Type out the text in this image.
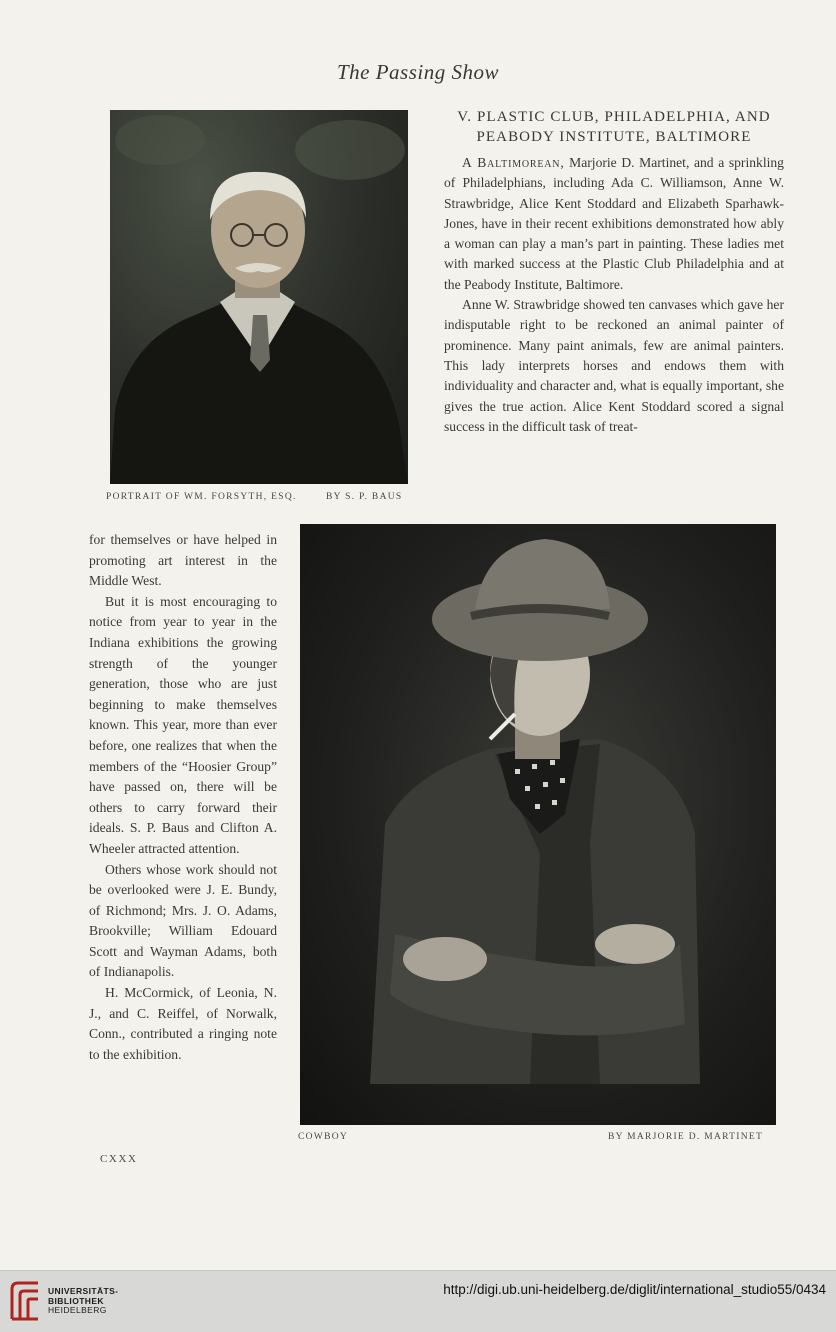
The Passing Show
PORTRAIT OF WM. FORSYTH, ESQ.	BY S. P. BAUS
V. PLASTIC CLUB, PHILADELPHIA, AND
PEABODY INSTITUTE, BALTIMORE

A Baltimorean, Marjorie D. Martinet, and a sprinkling of Philadelphians, including Ada C. Williamson, Anne W. Strawbridge, Alice Kent Stoddard and Elizabeth Sparhawk-Jones, have in their recent exhibitions demonstrated how ably a woman can play a man’s part in painting. These ladies met with marked success at the Plastic Club Philadelphia and at the Peabody Institute, Baltimore.

Anne W. Strawbridge showed ten canvases which gave her indisputable right to be reckoned an animal painter of prominence. Many paint animals, few are animal painters. This lady interprets horses and endows them with individuality and character and, what is equally important, she gives the true action. Alice Kent Stoddard scored a signal success in the difficult task of treat-

for themselves or have helped in promoting art interest in the Middle West.

But it is most encouraging to notice from year to year in the Indiana exhibitions the growing strength of the younger generation, those who are just beginning to make themselves known. This year, more than ever before, one realizes that when the members of the “Hoosier Group” have passed on, there will be others to carry forward their ideals. S. P. Baus and Clifton A. Wheeler attracted attention.

Others whose work should not be overlooked were J. E. Bundy, of Richmond; Mrs. J. O. Adams, Brookville; William Edouard Scott and Wayman Adams, both of Indianapolis.

H. McCormick, of Leonia, N. J., and C. Reiffel, of Norwalk, Conn., contributed a ringing note to the exhibition.

COWBOY	BY MARJORIE D. MARTINET
CXXX
UNIVERSITÄTS-
BIBLIOTHEK
HEIDELBERG
http://digi.ub.uni-heidelberg.de/diglit/international_studio55/0434
